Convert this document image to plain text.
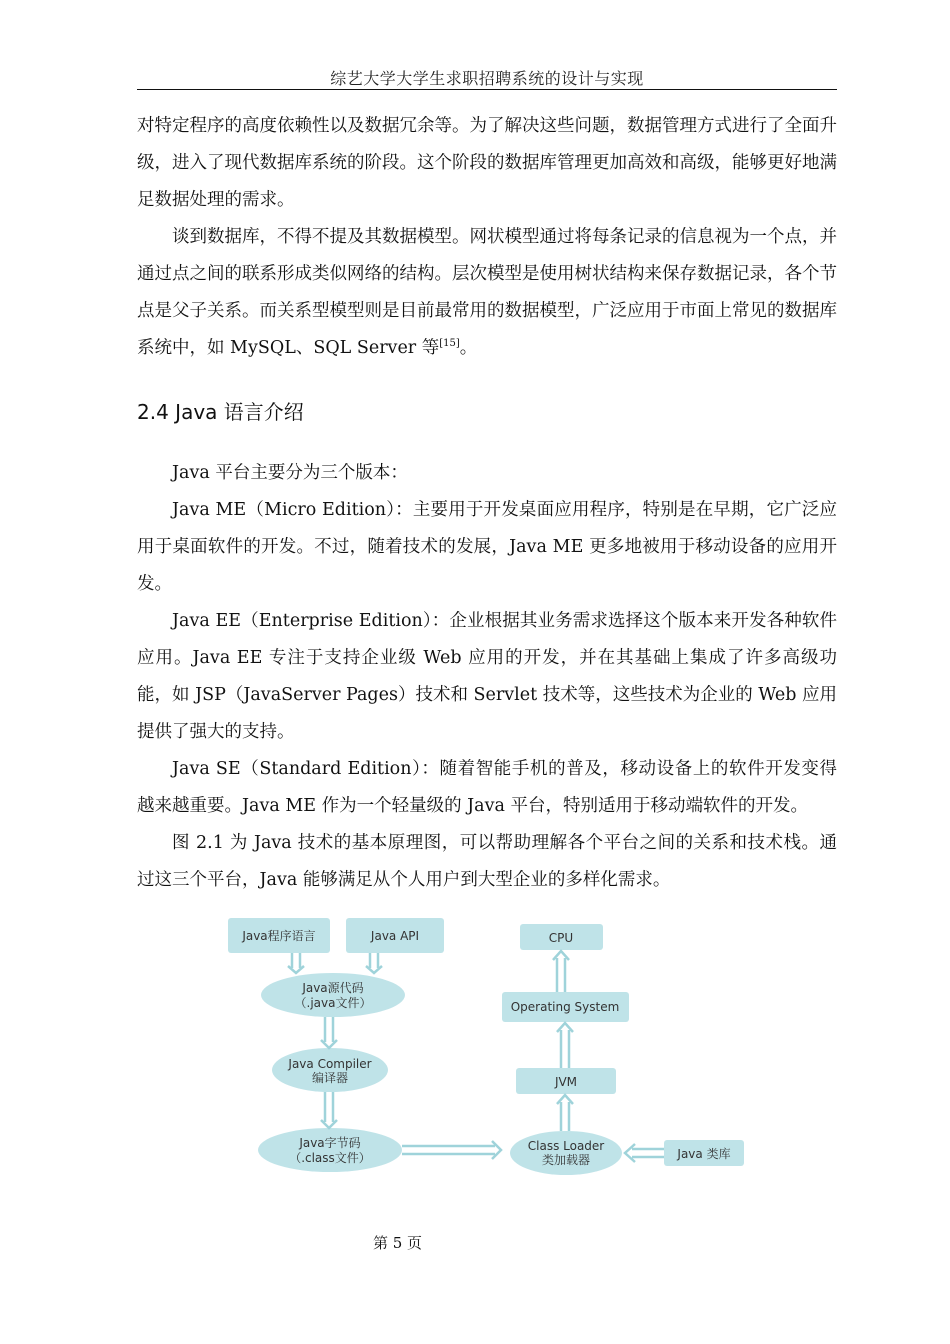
综艺大学大学生求职招聘系统的设计与实现

对特定程序的高度依赖性以及数据冗余等。为了解决这些问题，数据管理方式进行了全面升级，进入了现代数据库系统的阶段。这个阶段的数据库管理更加高效和高级，能够更好地满足数据处理的需求。

谈到数据库，不得不提及其数据模型。网状模型通过将每条记录的信息视为一个点，并通过点之间的联系形成类似网络的结构。层次模型是使用树状结构来保存数据记录，各个节点是父子关系。而关系型模型则是目前最常用的数据模型，广泛应用于市面上常见的数据库系统中，如 MySQL、SQL Server 等[15]。

2.4 Java 语言介绍

Java 平台主要分为三个版本：

Java ME（Micro Edition）：主要用于开发桌面应用程序，特别是在早期，它广泛应用于桌面软件的开发。不过，随着技术的发展，Java ME 更多地被用于移动设备的应用开发。

Java EE（Enterprise Edition）：企业根据其业务需求选择这个版本来开发各种软件应用。Java EE 专注于支持企业级 Web 应用的开发，并在其基础上集成了许多高级功能，如 JSP（JavaServer Pages）技术和 Servlet 技术等，这些技术为企业的 Web 应用提供了强大的支持。

Java SE（Standard Edition）：随着智能手机的普及，移动设备上的软件开发变得越来越重要。Java ME 作为一个轻量级的 Java 平台，特别适用于移动端软件的开发。

图 2.1 为 Java 技术的基本原理图，可以帮助理解各个平台之间的关系和技术栈。通过这三个平台，Java 能够满足从个人用户到大型企业的多样化需求。

Java程序语言	Java API
Java源代码
（.java文件）
Java Compiler
编译器
Java字节码
（.class文件）
Class Loader
类加载器	Java 类库
JVM
Operating System
CPU
第 5 页
